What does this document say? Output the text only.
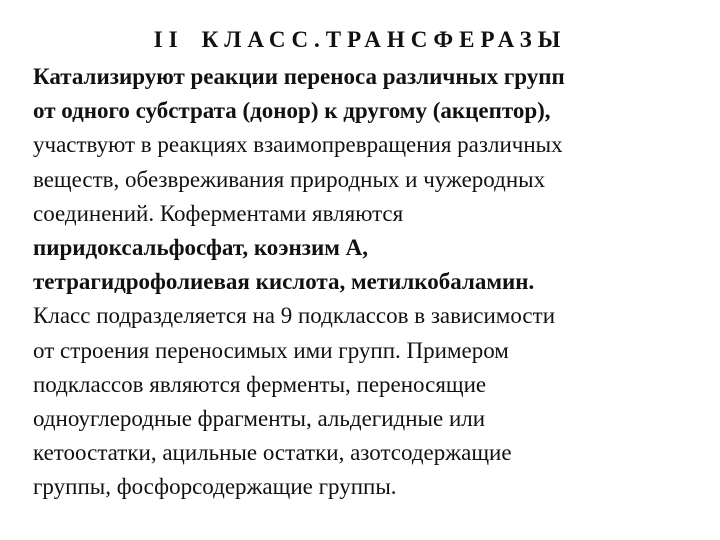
II КЛАСС.ТРАНСФЕРАЗЫ
Катализируют реакции переноса различных групп
от одного субстрата (донор) к другому (акцептор),
участвуют в реакциях взаимопревращения различных
веществ, обезвреживания природных и чужеродных
соединений. Коферментами являются
пиридоксальфосфат, коэнзим А,
тетрагидрофолиевая кислота, метилкобаламин.
Класс подразделяется на 9 подклассов в зависимости
от строения переносимых ими групп. Примером
подклассов являются ферменты, переносящие
одноуглеродные фрагменты, альдегидные или
кетоостатки, ацильные остатки, азотсодержащие
группы, фосфорсодержащие группы.
